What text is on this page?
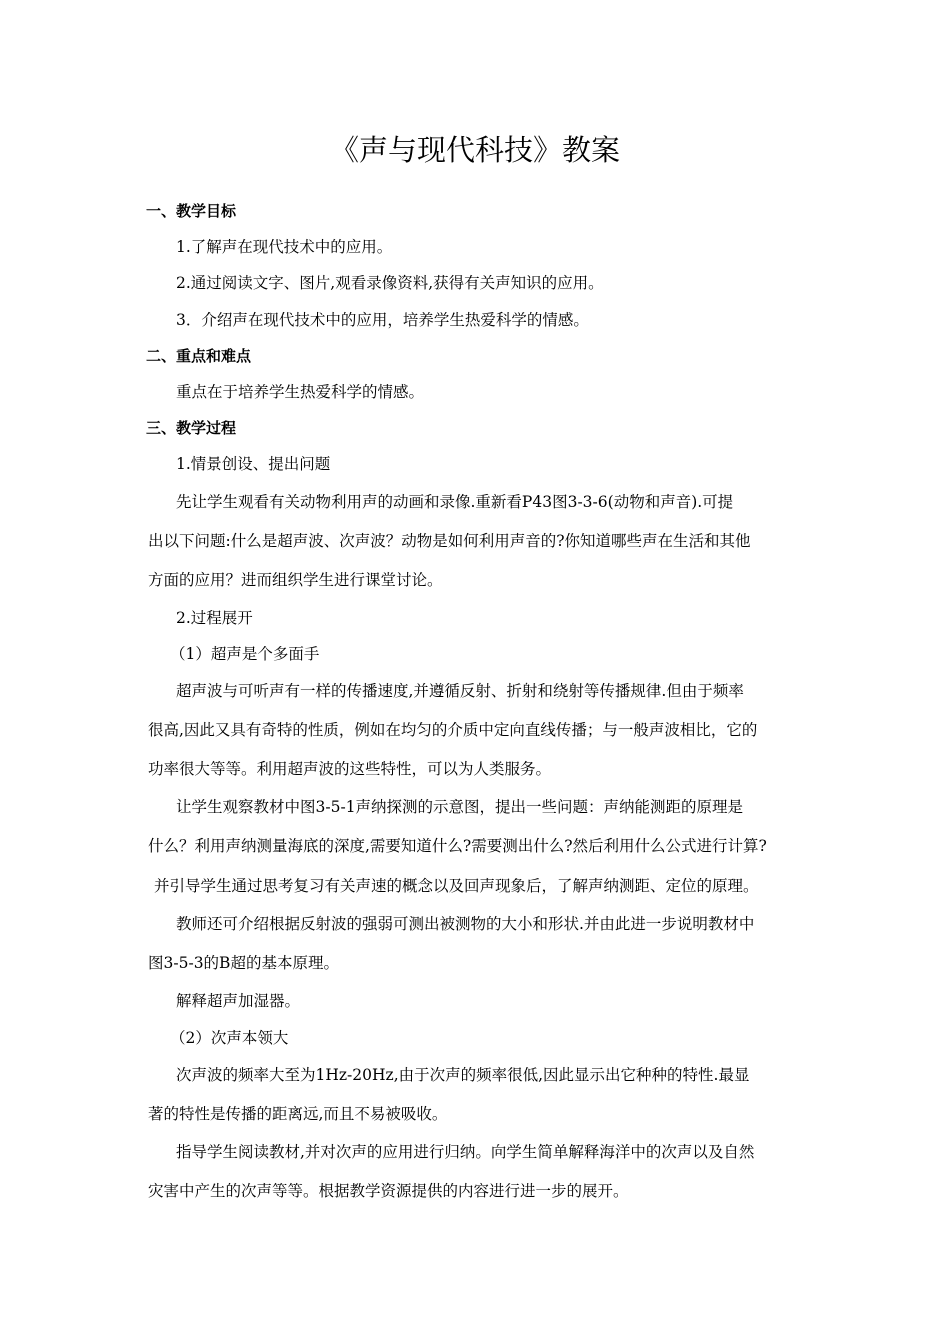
《声与现代科技》教案
一、教学目标
1.了解声在现代技术中的应用。
2.通过阅读文字、图片,观看录像资料,获得有关声知识的应用。
3．介绍声在现代技术中的应用，培养学生热爱科学的情感。
二、重点和难点
重点在于培养学生热爱科学的情感。
三、教学过程
1.情景创设、提出问题
先让学生观看有关动物利用声的动画和录像.重新看P43图3-3-6(动物和声音).可提
出以下问题:什么是超声波、次声波？动物是如何利用声音的?你知道哪些声在生活和其他
方面的应用？进而组织学生进行课堂讨论。
2.过程展开
（1）超声是个多面手
超声波与可听声有一样的传播速度,并遵循反射、折射和绕射等传播规律.但由于频率
很高,因此又具有奇特的性质，例如在均匀的介质中定向直线传播；与一般声波相比，它的
功率很大等等。利用超声波的这些特性，可以为人类服务。
让学生观察教材中图3-5-1声纳探测的示意图，提出一些问题：声纳能测距的原理是
什么？利用声纳测量海底的深度,需要知道什么?需要测出什么?然后利用什么公式进行计算?
并引导学生通过思考复习有关声速的概念以及回声现象后，了解声纳测距、定位的原理。
教师还可介绍根据反射波的强弱可测出被测物的大小和形状.并由此进一步说明教材中
图3-5-3的B超的基本原理。
解释超声加湿器。
（2）次声本领大
次声波的频率大至为1Hz-20Hz,由于次声的频率很低,因此显示出它种种的特性.最显
著的特性是传播的距离远,而且不易被吸收。
指导学生阅读教材,并对次声的应用进行归纳。向学生简单解释海洋中的次声以及自然
灾害中产生的次声等等。根据教学资源提供的内容进行进一步的展开。
